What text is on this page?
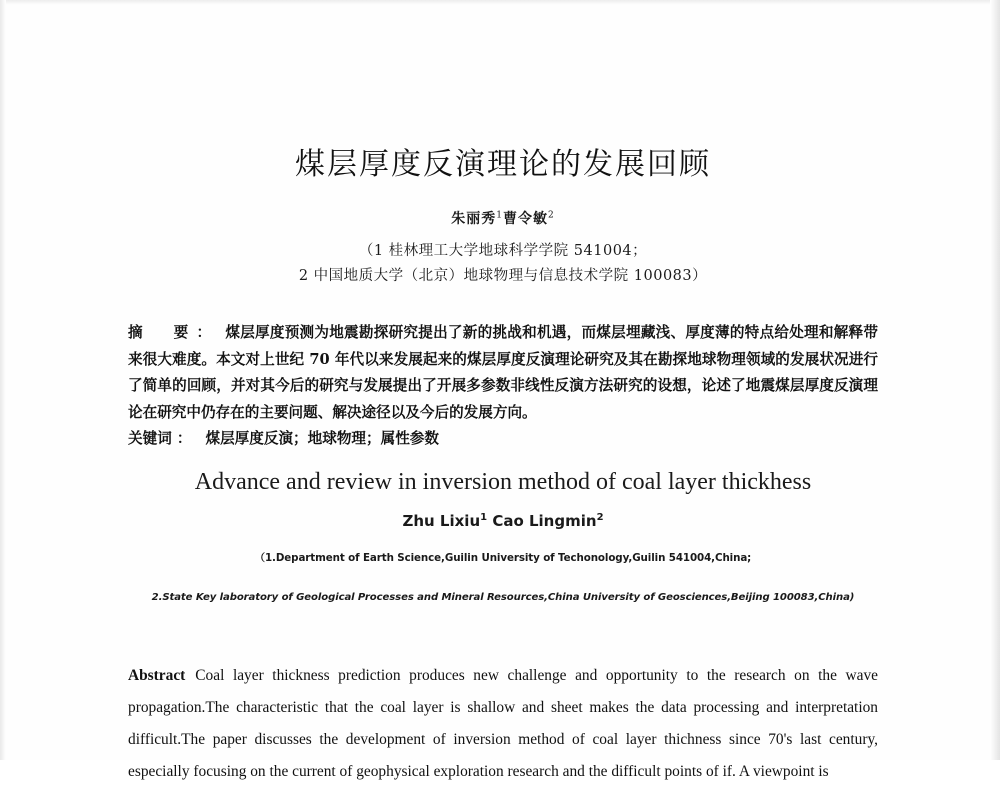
煤层厚度反演理论的发展回顾
朱丽秀$^1$曹令敏$^2$
（1 桂林理工大学地球科学学院 541004；
2 中国地质大学（北京）地球物理与信息技术学院 100083）
摘　要： 煤层厚度预测为地震勘探研究提出了新的挑战和机遇，而煤层埋藏浅、厚度薄的特点给处理和解释带来很大难度。本文对上世纪 70 年代以来发展起来的煤层厚度反演理论研究及其在勘探地球物理领域的发展状况进行了简单的回顾，并对其今后的研究与发展提出了开展多参数非线性反演方法研究的设想，论述了地震煤层厚度反演理论在研究中仍存在的主要问题、解决途径以及今后的发展方向。
关键词 ： 煤层厚度反演；地球物理；属性参数
Advance and review in inversion method of coal layer thickhess
Zhu Lixiu$^1$ Cao Lingmin$^2$
（1.Department of Earth Science,Guilin University of Techonology,Guilin 541004,China;
2.State Key laboratory of Geological Processes and Mineral Resources,China University of Geosciences,Beijing 100083,China)
Abstract Coal layer thickness prediction produces new challenge and opportunity to the research on the wave propagation.The characteristic that the coal layer is shallow and sheet makes the data processing and interpretation difficult.The paper discusses the development of inversion method of coal layer thichness since 70's last century, especially focusing on the current of geophysical exploration research and the difficult points of if. A viewpoint is
